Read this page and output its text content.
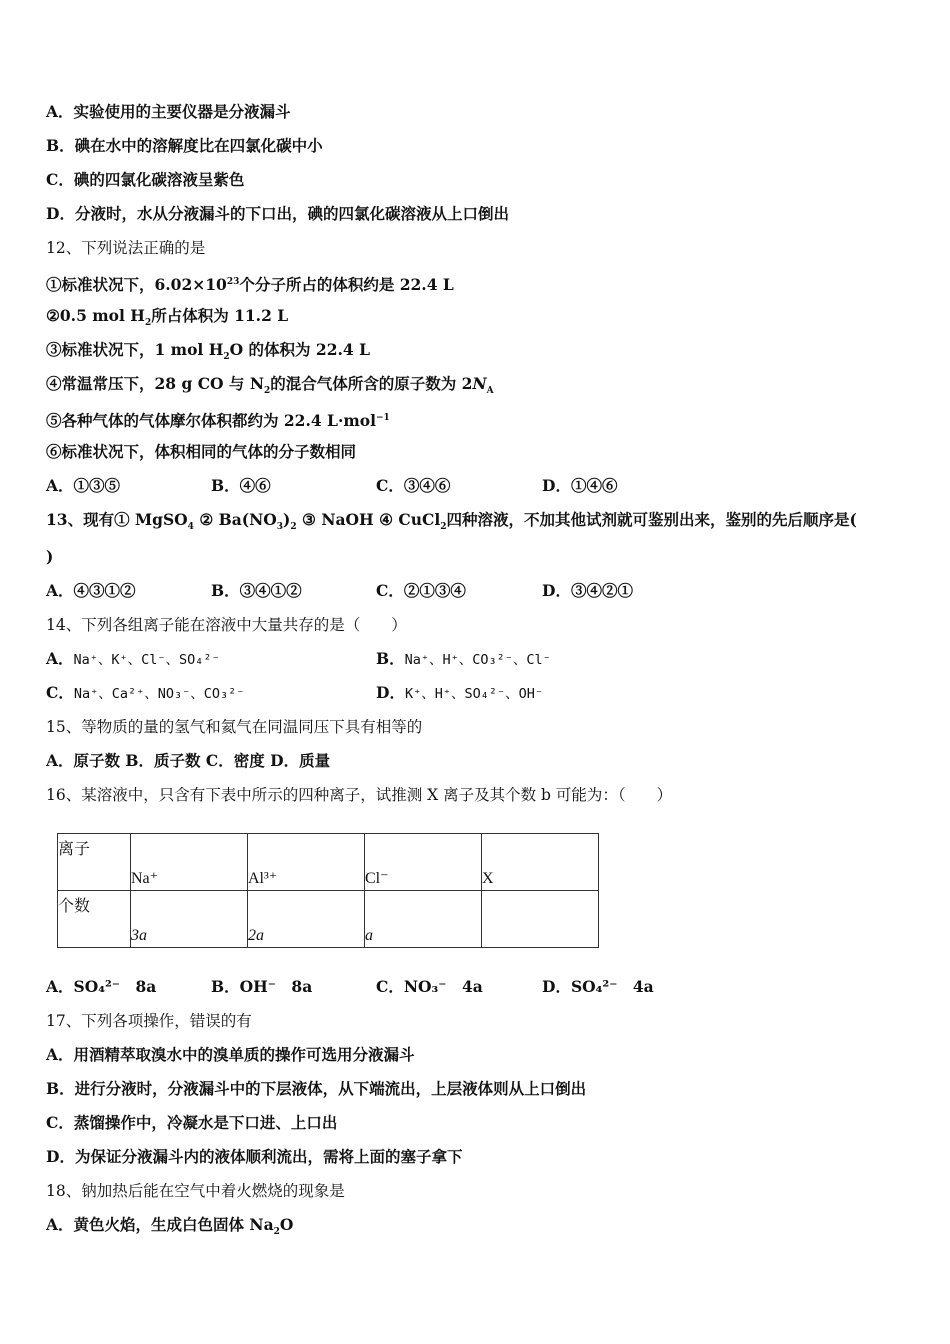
A．实验使用的主要仪器是分液漏斗
B．碘在水中的溶解度比在四氯化碳中小
C．碘的四氯化碳溶液呈紫色
D．分液时，水从分液漏斗的下口出，碘的四氯化碳溶液从上口倒出
12、下列说法正确的是
①标准状况下，$6.02\times 10^{23}$个分子所占的体积约是 22.4 L
②0.5 mol $H_2$所占体积为 11.2 L
③标准状况下，1 mol $H_2O$ 的体积为 22.4 L
④常温常压下，28 g CO 与 $N_2$的混合气体所含的原子数为 $2N_A$
⑤各种气体的气体摩尔体积都约为 22.4 L·mol$^{-1}$
⑥标准状况下，体积相同的气体的分子数相同
A．①③⑤	B．④⑥	C．③④⑥	D．①④⑥
13、现有① MgSO$_4$ ② $Ba(NO_3)_2$ ③ NaOH ④ CuCl$_2$四种溶液，不加其他试剂就可鉴别出来，鉴别的先后顺序是(
)
A．④③①②	B．③④①②	C．②①③④	D．③④②①
14、下列各组离子能在溶液中大量共存的是（　　）
A．Na⁺、K⁺、Cl⁻、SO₄²⁻	B．Na⁺、H⁺、CO₃²⁻、Cl⁻
C．Na⁺、Ca²⁺、NO₃⁻、CO₃²⁻	D．K⁺、H⁺、SO₄²⁻、OH⁻
15、等物质的量的氢气和氦气在同温同压下具有相等的
A．原子数 B．质子数 C．密度 D．质量
16、某溶液中，只含有下表中所示的四种离子，试推测 X 离子及其个数 b 可能为：（　　）
离子	Na⁺	Al³⁺	Cl⁻	X

个数	3a	2a	a	

A．SO₄²⁻　8a	B．OH⁻　8a	C．NO₃⁻　4a	D．SO₄²⁻　4a
17、下列各项操作，错误的有
A．用酒精萃取溴水中的溴单质的操作可选用分液漏斗
B．进行分液时，分液漏斗中的下层液体，从下端流出，上层液体则从上口倒出
C．蒸馏操作中，冷凝水是下口进、上口出
D．为保证分液漏斗内的液体顺利流出，需将上面的塞子拿下
18、钠加热后能在空气中着火燃烧的现象是
A．黄色火焰，生成白色固体 $Na_2O$
